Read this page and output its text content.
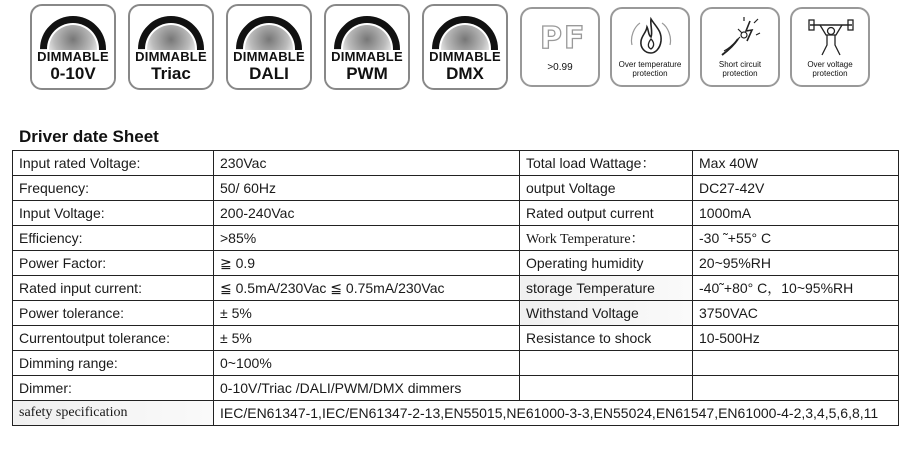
DIMMABLE
0-10V
DIMMABLE
Triac
DIMMABLE
DALI
DIMMABLE
PWM
DIMMABLE
DMX
PF
>0.99	Over temperature
protection
Short circuit
protection
Over voltage
protection
Driver date Sheet
Input rated Voltage:	230Vac	Total load Wattage：	Max 40W
Frequency:	50/ 60Hz	output Voltage	DC27-42V
Input Voltage:	200-240Vac	Rated output current	1000mA
Efficiency:	>85%	Work Temperature：	-30 ˜+55° C
Power Factor:	≧ 0.9	Operating humidity	20~95%RH
Rated input current:	≦ 0.5mA/230Vac ≦ 0.75mA/230Vac	storage Temperature	-40˜+80° C，10~95%RH
Power tolerance:	± 5%	Withstand Voltage	3750VAC
Currentoutput tolerance:	± 5%	Resistance to shock	10-500Hz
Dimming range:	0~100%		
Dimmer:	0-10V/Triac /DALI/PWM/DMX dimmers		
safety specification	IEC/EN61347-1,IEC/EN61347-2-13,EN55015,NE61000-3-3,EN55024,EN61547,EN61000-4-2,3,4,5,6,8,11		
